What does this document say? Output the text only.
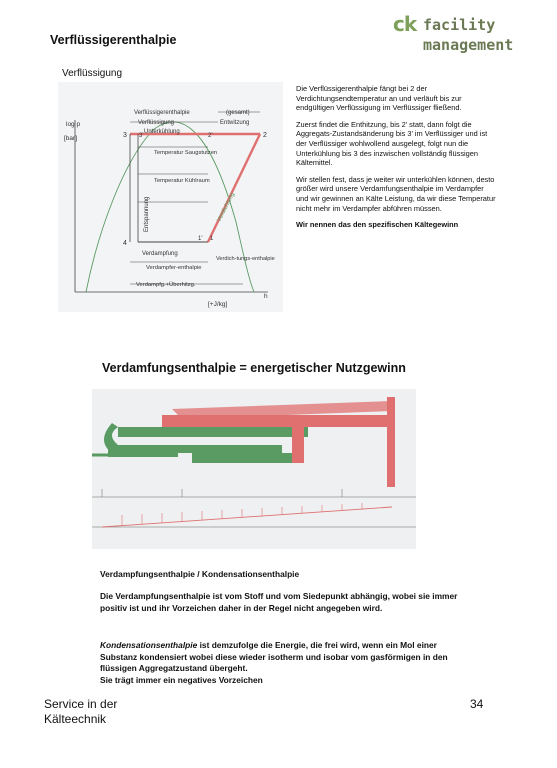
Verflüssigerenthalpie
ck facility
management
Verflüssigung
log p
[bar]
h
[+J/kg]
Verflüssigerenthalpie	(gesamt)
Verflüssigung	Entwitzung
Unterkühlung
3 3'	2'	2
4
1' 1
Temperatur Saugstutzen
Temperatur Kühlraum
Entspannung	Verdichtung
Verdampfung
Verdampfer-enthalpie
Verdich-tungs-enthalpie
Verdampfg.+Überhitzg.

Die Verflüssigerenthalpie fängt bei 2 der Verdichtungsendtemperatur an und verläuft bis zur endgültigen Verflüssigung im Verflüssiger fließend.

Zuerst findet die Enthitzung, bis 2' statt, dann folgt die Aggregats-Zustandsänderung bis 3' im Verflüssiger und ist der Verflüssiger wohlwollend ausgelegt, folgt nun die Unterkühlung bis 3 des inzwischen vollständig flüssigen Kältemittel.

Wir stellen fest, dass je weiter wir unterkühlen können, desto größer wird unsere Verdamfungsenthalpie im Verdampfer und wir gewinnen an Kälte Leistung, da wir diese Temperatur nicht mehr im Verdampfer abführen müssen.

Wir nennen das den spezifischen Kältegewinn

Verdamfungsenthalpie = energetischer Nutzgewinn
Verdampfungsenthalpie / Kondensationsenthalpie
Die Verdampfungsenthalpie ist vom Stoff und vom Siedepunkt abhängig, wobei sie immer positiv ist und ihr Vorzeichen daher in der Regel nicht angegeben wird.
Kondensationsenthalpie ist demzufolge die Energie, die frei wird, wenn ein Mol einer Substanz kondensiert wobei diese wieder isotherm und isobar vom gasförmigen in den flüssigen Aggregatzustand übergeht.
Sie trägt immer ein negatives Vorzeichen
Service in der
Kälteechnik
34
